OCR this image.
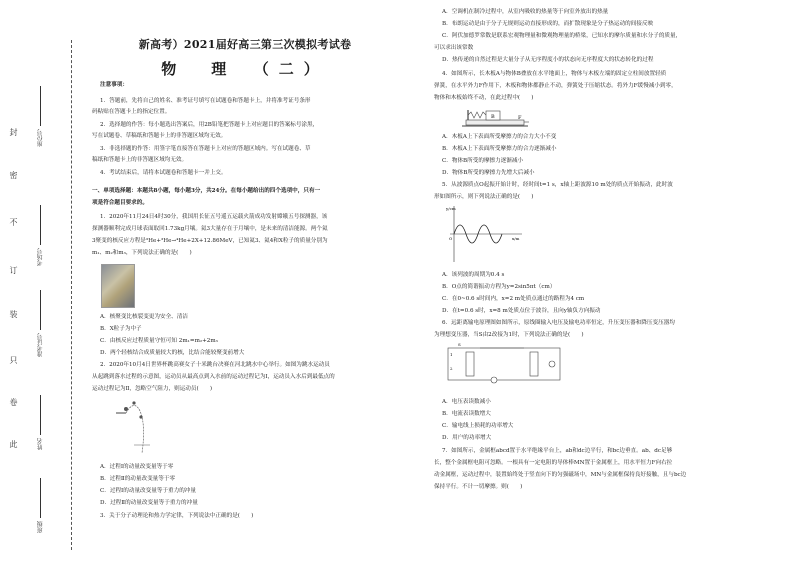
封
密
不
订
装
只
卷
此
座位号
考场号
准考证号
姓名
班级
新高考）2021届好高三第三次模拟考试卷
物　理　（二）
注意事项：
1．答题前，先将自己的姓名、准考证号填写在试题卷和答题卡上，并将准考证号条形
码粘贴在答题卡上的指定位置。
2．选择题的作答：每小题选出答案后，用2B铅笔把答题卡上对应题目的答案标号涂黑，
写在试题卷、草稿纸和答题卡上的非答题区域均无效。
3．非选择题的作答：用签字笔直接答在答题卡上对应的答题区域内。写在试题卷、草
稿纸和答题卡上的非答题区域均无效。
4．考试结束后，请将本试题卷和答题卡一并上交。
一、单项选择题：本题共8小题，每小题3分，共24分。在每小题给出的四个选项中，只有一
项是符合题目要求的。
1．2020年11月24日4时30分，我国用长征五号遥五运载火箭成功发射嫦娥五号探测器，该
探测器顺利完成月球表面取回1.73kg月壤。氦3大量存在于月壤中，是未来的清洁能源。两个氦
3聚变的核反应方程是³He+³He→⁴He+2X+12.86MeV，已知氦3、氦4和X粒子的质量分别为
m₁、m₂和m₃，下列说法正确的是(　　)
A．核聚变比核裂变更为安全、清洁
B．X粒子为中子
C．由核反应过程质量守恒可知 2m₁=m₂+2m₃
D．两个轻核结合成质量较大的核，比结合能较聚变前增大
2．2020年10月4日世界杯跳高赛女子十米跳台决赛在河北跳水中心举行。如图为跳水运动员
从起跳到落水过程的示意图，运动员从最高点到入水前的运动过程记为Ⅰ，运动员入水后到最低点的
运动过程记为Ⅱ，忽略空气阻力，则运动员(　　)
A．过程Ⅰ的动量改变量等于零
B．过程Ⅱ的动量改变量等于零
C．过程Ⅰ的动量改变量等于重力的冲量
D．过程Ⅱ的动量改变量等于重力的冲量
3．关于分子动理论和热力学定律，下列说法中正确的是(　　)
A．空调机在制冷过程中，从室内吸收的热量等于向室外放出的热量
B．布朗运动是由于分子无规则运动直接形成的，而扩散现象是分子热运动的间接反映
C．阿伏加德罗常数是联系宏观物理量和微观物理量的桥梁，已知水的摩尔质量和水分子的质量，
可以求出该常数
D．热传递的自然过程是大量分子从无序程度小的状态向无序程度大的状态转化的过程
4．如图所示，长木板A与物体B叠放在水平地面上，物体与木板左端的固定立柱间放置轻质
弹簧，在水平外力F作用下，木板和物体都静止不动，弹簧处于压缩状态。将外力F缓慢减小到零，
物体和木板始终不动，在此过程中(　　)
B	F
A．木板A上下表面所受摩擦力的合力大小不变
B．木板A上下表面所受摩擦力的合力逐渐减小
C．物体B所受的摩擦力逐渐减小
D．物体B所受的摩擦力先增大后减小
5．从波源质点O起振开始计时，经时间t=1 s，x轴上距波源10 m处的质点开始振动，此时波
形如图所示，则下列说法正确的是(　　)
y/cm
x/m
O
A．该列波的周期为0.4 s
B．O点的简谐振动方程为y=2sin5πt（cm）
C．在0~0.6 s时间内，x=2 m处质点通过的路程为4 cm
D．在t=0.6 s时，x=8 m处质点位于波谷，且向y轴负方向振动
6．远距离输电原理图如图所示，原线圈输入电压及输电功率恒定，升压变压器和降压变压器均
为理想变压器，当S由2改接为1时，下列说法正确的是(　　)
S
1
2
A．电压表读数减小
B．电流表读数增大
C．输电线上损耗的功率增大
D．用户的功率增大
7．如图所示，金属框abcd置于水平绝缘平台上，ab和dc边平行，和bc边垂直。ab、dc足够
长，整个金属框电阻可忽略。一根具有一定电阻的导体棒MN置于金属框上，用水平恒力F向右拉
动金属框，运动过程中，装置始终处于竖直向下的匀强磁场中，MN与金属框保持良好接触，且与bc边
保持平行。不计一切摩擦。则(　　)
